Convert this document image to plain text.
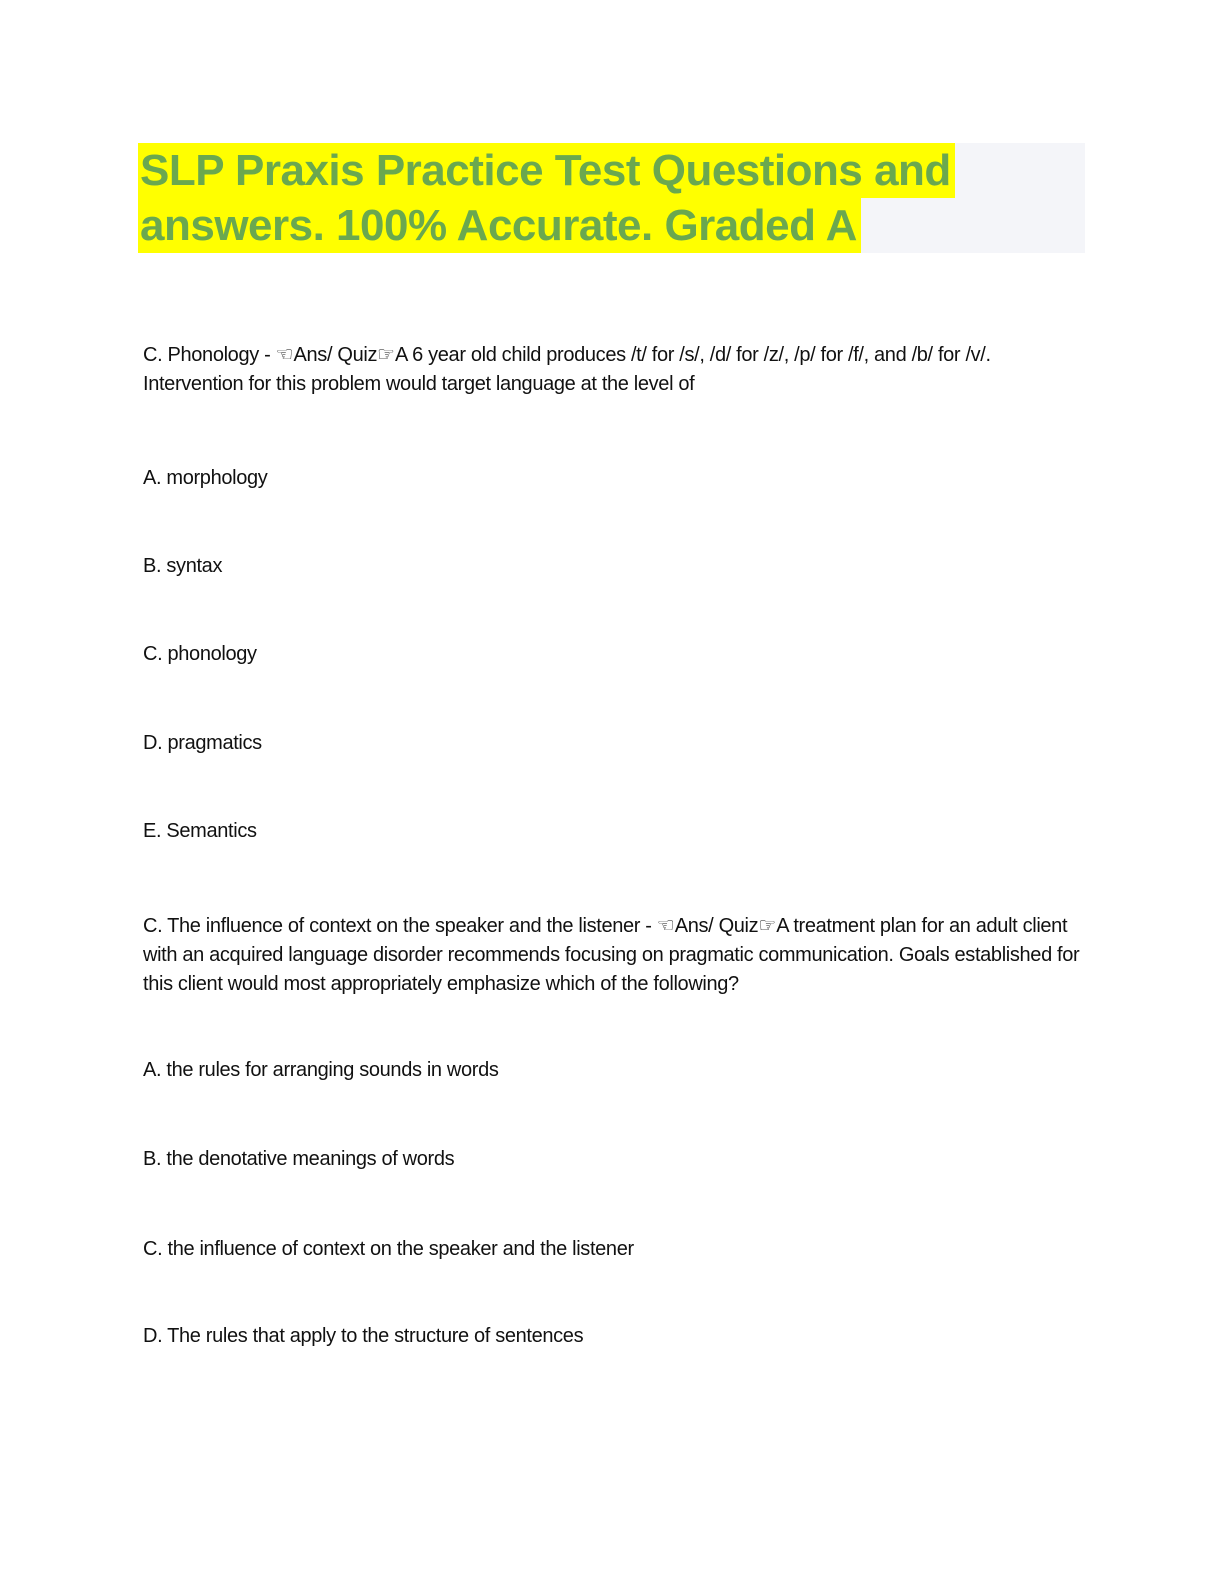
SLP Praxis Practice Test Questions and
answers. 100% Accurate. Graded A

C. Phonology - ☜Ans/ Quiz☞A 6 year old child produces /t/ for /s/, /d/ for /z/, /p/ for /f/, and /b/ for /v/. Intervention for this problem would target language at the level of

A. morphology

B. syntax

C. phonology

D. pragmatics

E. Semantics

C. The influence of context on the speaker and the listener - ☜Ans/ Quiz☞A treatment plan for an adult client with an acquired language disorder recommends focusing on pragmatic communication. Goals established for this client would most appropriately emphasize which of the following?

A. the rules for arranging sounds in words

B. the denotative meanings of words

C. the influence of context on the speaker and the listener

D. The rules that apply to the structure of sentences
